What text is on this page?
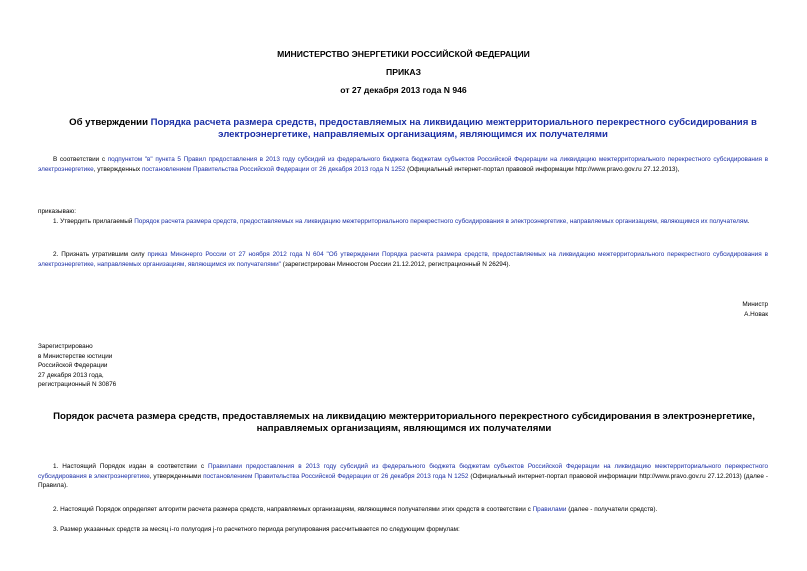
МИНИСТЕРСТВО ЭНЕРГЕТИКИ РОССИЙСКОЙ ФЕДЕРАЦИИ
ПРИКАЗ
от 27 декабря 2013 года N 946
Об утверждении Порядка расчета размера средств, предоставляемых на ликвидацию межтерриториального перекрестного субсидирования в электроэнергетике, направляемых организациям, являющимся их получателями
В соответствии с подпунктом "в" пункта 5 Правил предоставления в 2013 году субсидий из федерального бюджета бюджетам субъектов Российской Федерации на ликвидацию межтерриториального перекрестного субсидирования в электроэнергетике, утвержденных постановлением Правительства Российской Федерации от 26 декабря 2013 года N 1252 (Официальный интернет-портал правовой информации http://www.pravo.gov.ru 27.12.2013),
приказываю:
1. Утвердить прилагаемый Порядок расчета размера средств, предоставляемых на ликвидацию межтерриториального перекрестного субсидирования в электроэнергетике, направляемых организациям, являющимся их получателям.
2. Признать утратившим силу приказ Минэнерго России от 27 ноября 2012 года N 604 "Об утверждении Порядка расчета размера средств, предоставляемых на ликвидацию межтерриториального перекрестного субсидирования в электроэнергетике, направляемых организациям, являющимся их получателями" (зарегистрирован Минюстом России 21.12.2012, регистрационный N 26294).
Министр
А.Новак
Зарегистрировано
в Министерстве юстиции
Российской Федерации
27 декабря 2013 года,
регистрационный N 30876
Порядок расчета размера средств, предоставляемых на ликвидацию межтерриториального перекрестного субсидирования в электроэнергетике, направляемых организациям, являющимся их получателями
1. Настоящий Порядок издан в соответствии с Правилами предоставления в 2013 году субсидий из федерального бюджета бюджетам субъектов Российской Федерации на ликвидацию межтерриториального перекрестного субсидирования в электроэнергетике, утвержденными постановлением Правительства Российской Федерации от 26 декабря 2013 года N 1252 (Официальный интернет-портал правовой информации http://www.pravo.gov.ru 27.12.2013) (далее - Правила).
2. Настоящий Порядок определяет алгоритм расчета размера средств, направляемых организациям, являющимся получателями этих средств в соответствии с Правилами (далее - получатели средств).
3. Размер указанных средств за месяц i-го полугодия j-го расчетного периода регулирования рассчитывается по следующим формулам:
